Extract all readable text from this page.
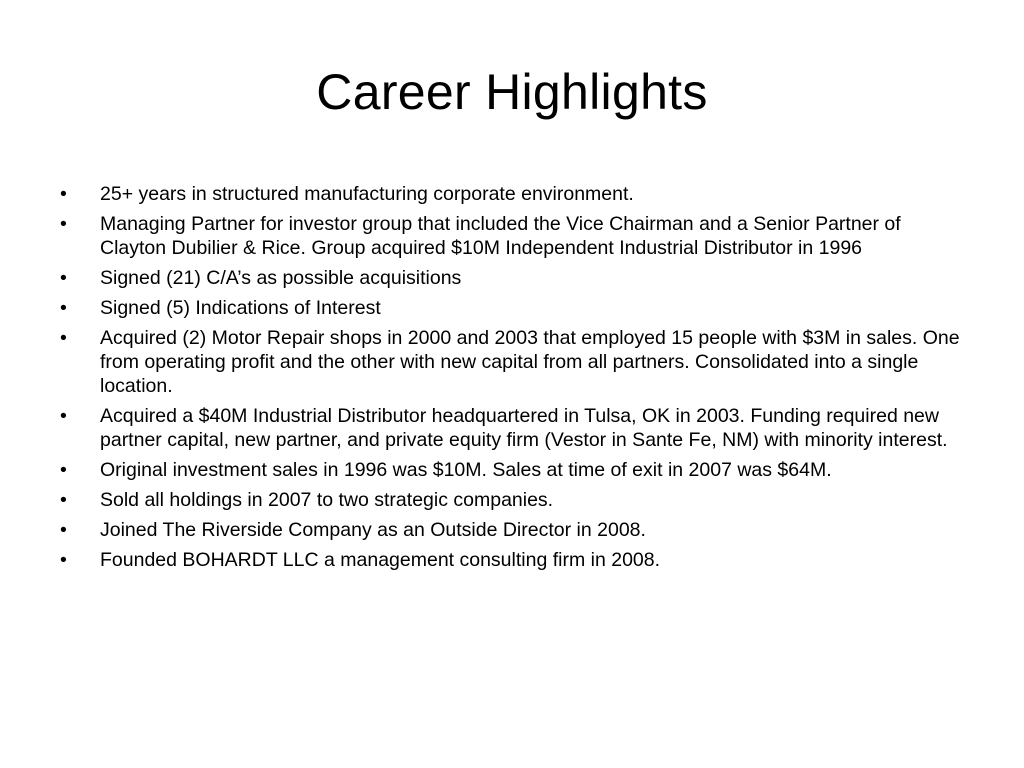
Career Highlights
•	25+ years in structured manufacturing corporate environment.
•	Managing Partner for investor group that included the Vice Chairman and a Senior Partner of Clayton Dubilier & Rice. Group acquired $10M Independent Industrial Distributor in 1996
•	Signed (21) C/A’s as possible acquisitions
•	Signed (5) Indications of Interest
•	Acquired (2) Motor Repair shops in 2000 and 2003 that employed 15 people with $3M in sales. One from operating profit and the other with new capital from all partners. Consolidated into a single location.
•	Acquired a $40M Industrial Distributor headquartered in Tulsa, OK in 2003. Funding required new partner capital, new partner, and private equity firm (Vestor in Sante Fe, NM) with minority interest.
•	Original investment sales in 1996 was $10M. Sales at time of exit in 2007 was $64M.
•	Sold all holdings in 2007 to two strategic companies.
•	Joined The Riverside Company as an Outside Director in 2008.
•	Founded BOHARDT LLC a management consulting firm in 2008.
